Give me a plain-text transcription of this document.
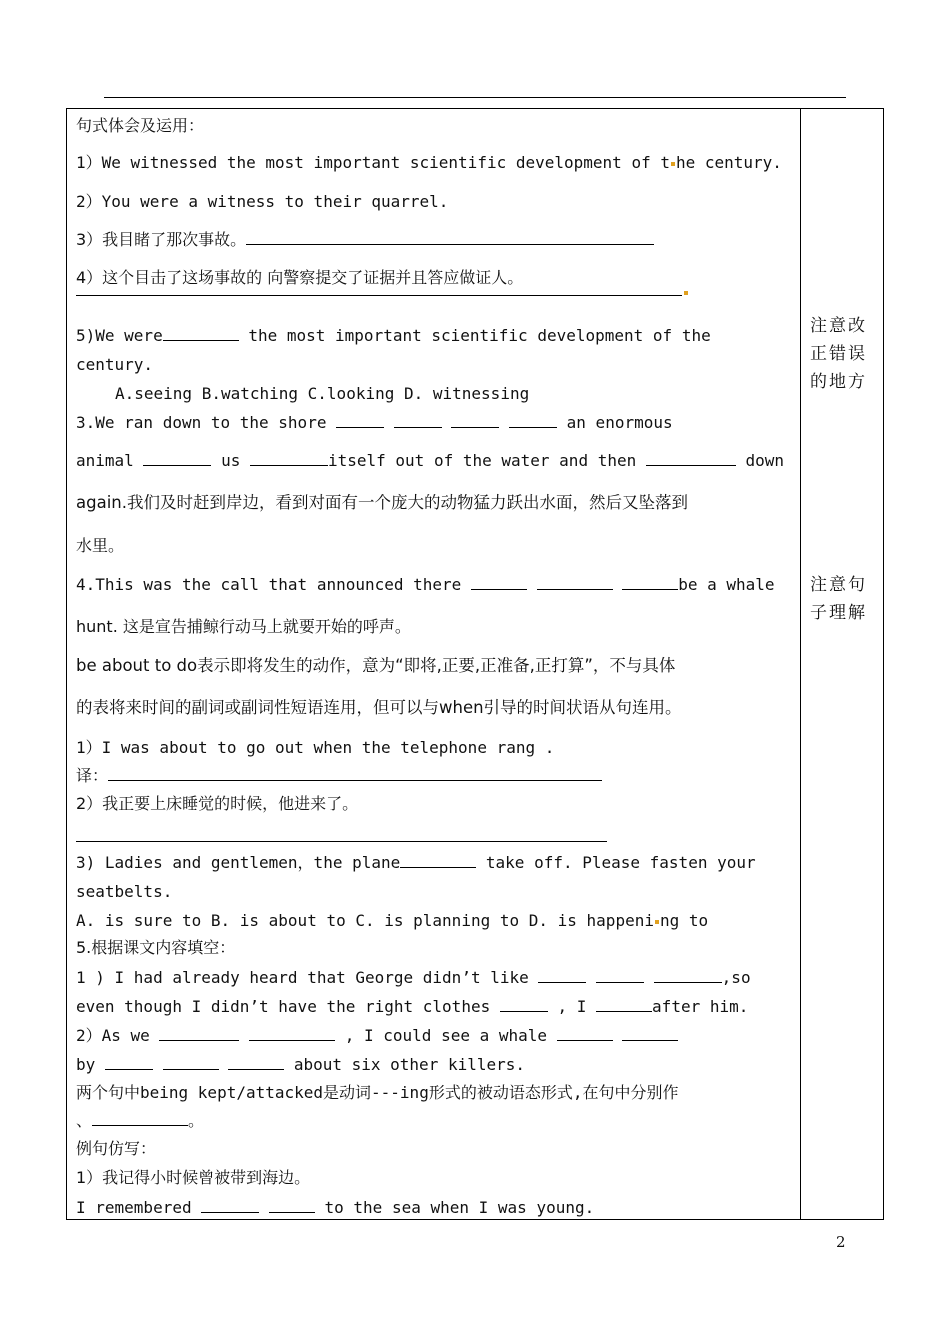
句式体会及运用：
1）We witnessed the most important scientific development of t he century.
2）You were a witness to their quarrel.
3）我目睹了那次事故。
4）这个目击了这场事故的 向警察提交了证据并且答应做证人。
5)We were	the most important scientific development of the
century.
A.seeing B.watching C.looking D. witnessing
3.We ran down to the shore	an enormous
animal	us	itself out of the water and then	down
again.我们及时赶到岸边，看到对面有一个庞大的动物猛力跃出水面，然后又坠落到
水里。
4.This was the call that announced there	be a whale
hunt. 这是宣告捕鲸行动马上就要开始的呼声。
be about to do表示即将发生的动作，意为“即将,正要,正准备,正打算”，不与具体
的表将来时间的副词或副词性短语连用，但可以与when引导的时间状语从句连用。
1）I was about to go out when the telephone rang .
译：
2）我正要上床睡觉的时候，他进来了。
3) Ladies and gentlemen，the plane	take off. Please fasten your
seatbelts.
A. is sure to B. is about to C. is planning to D. is happeni ng to
5.根据课文内容填空：
1 ) I had already heard that George didn’t like	,so
even though I didn’t have the right clothes	, I	after him.
2）As we	, I could see a whale
by	about six other killers.
两个句中being kept/attacked是动词---ing形式的被动语态形式,在句中分别作
、	。
例句仿写：
1）我记得小时候曾被带到海边。
I remembered	to the sea when I was young.
注意改正错误的地方
注意句子理解
2
